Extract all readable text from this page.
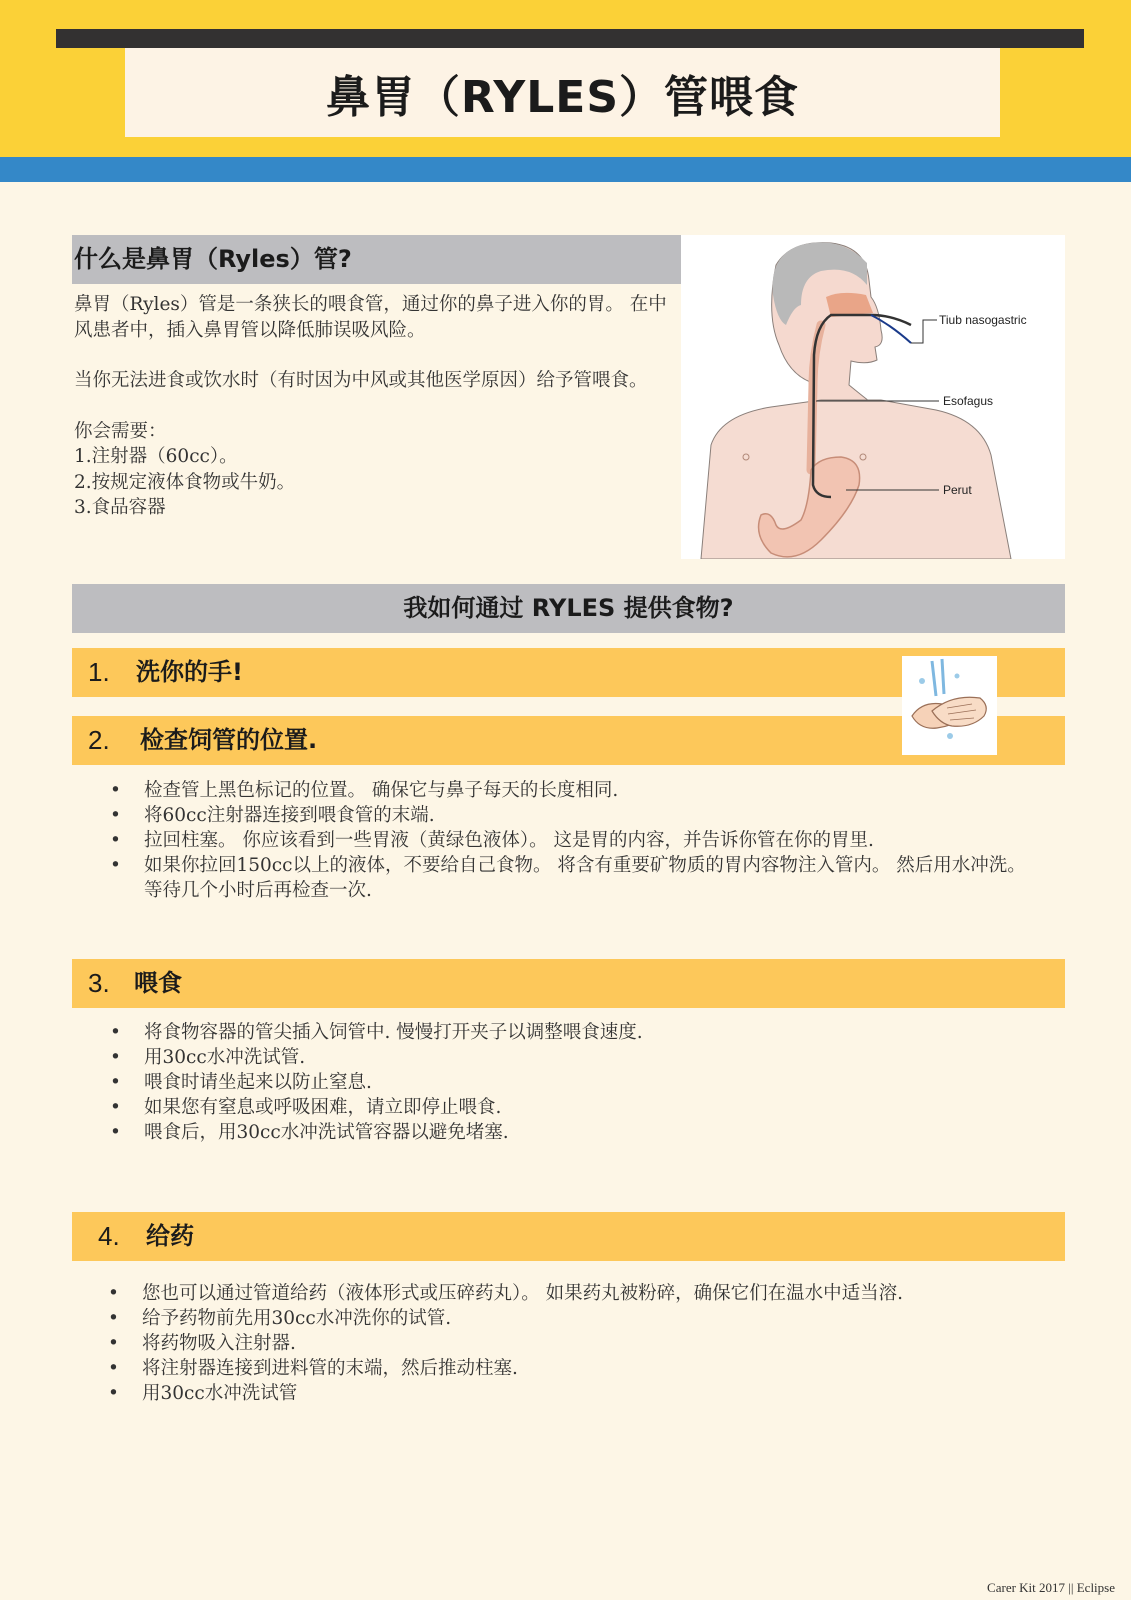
鼻胃（RYLES）管喂食
什么是鼻胃（Ryles）管?

鼻胃（Ryles）管是一条狭长的喂食管，通过你的鼻子进入你的胃。 在中风患者中，插入鼻胃管以降低肺误吸风险。

当你无法进食或饮水时（有时因为中风或其他医学原因）给予管喂食。

你会需要：
1.注射器（60cc）。
2.按规定液体食物或牛奶。
3.食品容器
Tiub nasogastric
Esofagus
Perut
我如何通过 RYLES 提供食物?
1. 洗你的手!
2. 检查饲管的位置.
• 检查管上黑色标记的位置。 确保它与鼻子每天的长度相同.
• 将60cc注射器连接到喂食管的末端.
• 拉回柱塞。 你应该看到一些胃液（黄绿色液体）。 这是胃的内容，并告诉你管在你的胃里.
• 如果你拉回150cc以上的液体，不要给自己食物。 将含有重要矿物质的胃内容物注入管内。 然后用水冲洗。 等待几个小时后再检查一次.
3. 喂食
• 将食物容器的管尖插入饲管中. 慢慢打开夹子以调整喂食速度.
• 用30cc水冲洗试管.
• 喂食时请坐起来以防止窒息.
• 如果您有窒息或呼吸困难，请立即停止喂食.
• 喂食后，用30cc水冲洗试管容器以避免堵塞.
4. 给药
• 您也可以通过管道给药（液体形式或压碎药丸）。 如果药丸被粉碎，确保它们在温水中适当溶.
• 给予药物前先用30cc水冲洗你的试管.
• 将药物吸入注射器.
• 将注射器连接到进料管的末端，然后推动柱塞.
• 用30cc水冲洗试管
Carer Kit 2017 || Eclipse
